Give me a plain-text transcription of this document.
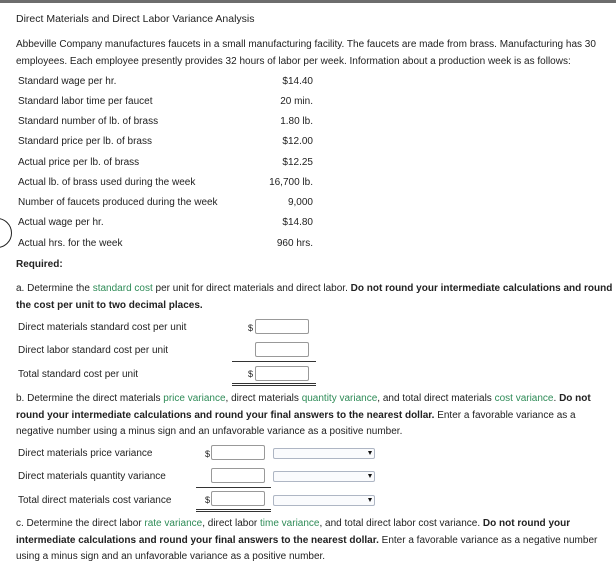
Direct Materials and Direct Labor Variance Analysis
Abbeville Company manufactures faucets in a small manufacturing facility. The faucets are made from brass. Manufacturing has 30 employees. Each employee presently provides 32 hours of labor per week. Information about a production week is as follows:
Standard wage per hr.	$14.40
Standard labor time per faucet	20 min.
Standard number of lb. of brass	1.80 lb.
Standard price per lb. of brass	$12.00
Actual price per lb. of brass	$12.25
Actual lb. of brass used during the week	16,700 lb.
Number of faucets produced during the week	9,000
Actual wage per hr.	$14.80
Actual hrs. for the week	960 hrs.
Required:
a. Determine the standard cost per unit for direct materials and direct labor. Do not round your intermediate calculations and round the cost per unit to two decimal places.
Direct materials standard cost per unit	$
Direct labor standard cost per unit
Total standard cost per unit	$
b. Determine the direct materials price variance, direct materials quantity variance, and total direct materials cost variance. Do not round your intermediate calculations and round your final answers to the nearest dollar. Enter a favorable variance as a negative number using a minus sign and an unfavorable variance as a positive number.
Direct materials price variance	$
Direct materials quantity variance
Total direct materials cost variance	$
c. Determine the direct labor rate variance, direct labor time variance, and total direct labor cost variance. Do not round your intermediate calculations and round your final answers to the nearest dollar. Enter a favorable variance as a negative number using a minus sign and an unfavorable variance as a positive number.
